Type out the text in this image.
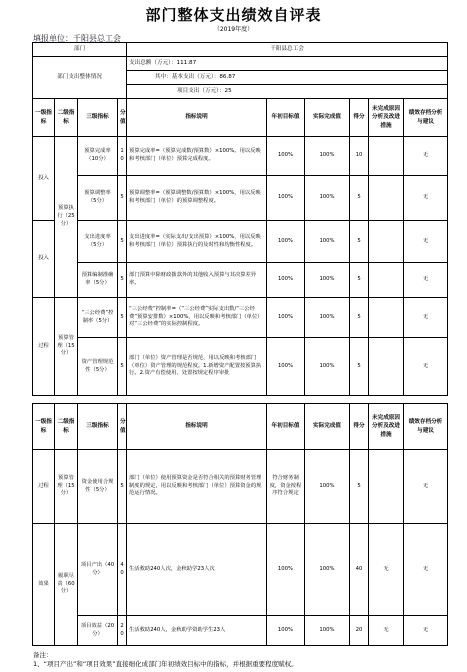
部门整体支出绩效自评表
（2019年度）
填报单位：千阳县总工会
部门				千阳县总工会					
部门支出整体情况				支出总额（万元）：111.87					
				其中：基本支出（万元）：86.87					
				项目支出（万元）：25					
一级指标	二级指标	三级指标	分值	指标说明	年初目标值	实际完成值	得分	未完成原因分析及改进措施	绩效存档分析与建议
投入	预算执行（25分）	预算完成率（10分）	10	预算完成率=（预算完成数/预算数）×100%。用以反映和考核部门（单位）预算完成程度。	100%	100%	10		无
		预算调整率（5分）	5	预算调整率=（预算调整数/预算数）×100%，用以反映和考核部门（单位）的预算调整程度。	100%	100%	5		无
投入		支出进度率（5分）	5	支出进度率=（实际支出/支出预算）×100%，用以反映和考核部门（单位）预算执行的及时性和均衡性程度。	100%	100%	5		无
		预算编制准确率（5分）	5	部门预算中除财政拨款外的其他收入预算与其决算差异率。	100%	100%	5		无
过程	预算管理（15分）	“三公经费”控制率（5分）	5	“三公经费”控制率=（“三公经费”实际支出数/“三公经费”预算安排数）×100%，用以反映和考核部门（单位）对“三公经费”的实际控制程度。	100%	100%	5		无
		资产管理规范性（5分）	5	部门（单位）资产管理是否规范，用以反映和考核部门（单位）资产管理的规范程度。1.新增资产配置按预算执行。2.资产有偿使用、处置按规定程序审批	100%	100%	5		无
一级指标	二级指标	三级指标	分值	指标说明	年初目标值	实际完成值	得分	未完成原因分析及改进措施	绩效存档分析与建议
过程	预算管理（15分）	资金使用合规性（5分）	5	部门（单位）使用预算资金是否符合相关的预算财务管理制度的规定，用以反映和考核部门（单位）预算资金的规范运行情况。	符合财务制度，资金按程序符合规定	100%	5		无
效果	履职尽责（60分）	项目产出（40分）	40	生活救助240人次，金秋助学23人次	100%	100%	40	无	无
		项目效益（20分）	20	生活救助240人，金秋助学资助学生23人	100%	100%	20	无	无
备注：
1、“项目产出”和“项目效果”直接细化成部门年初绩效目标中的指标，并根据重要程度赋权。
